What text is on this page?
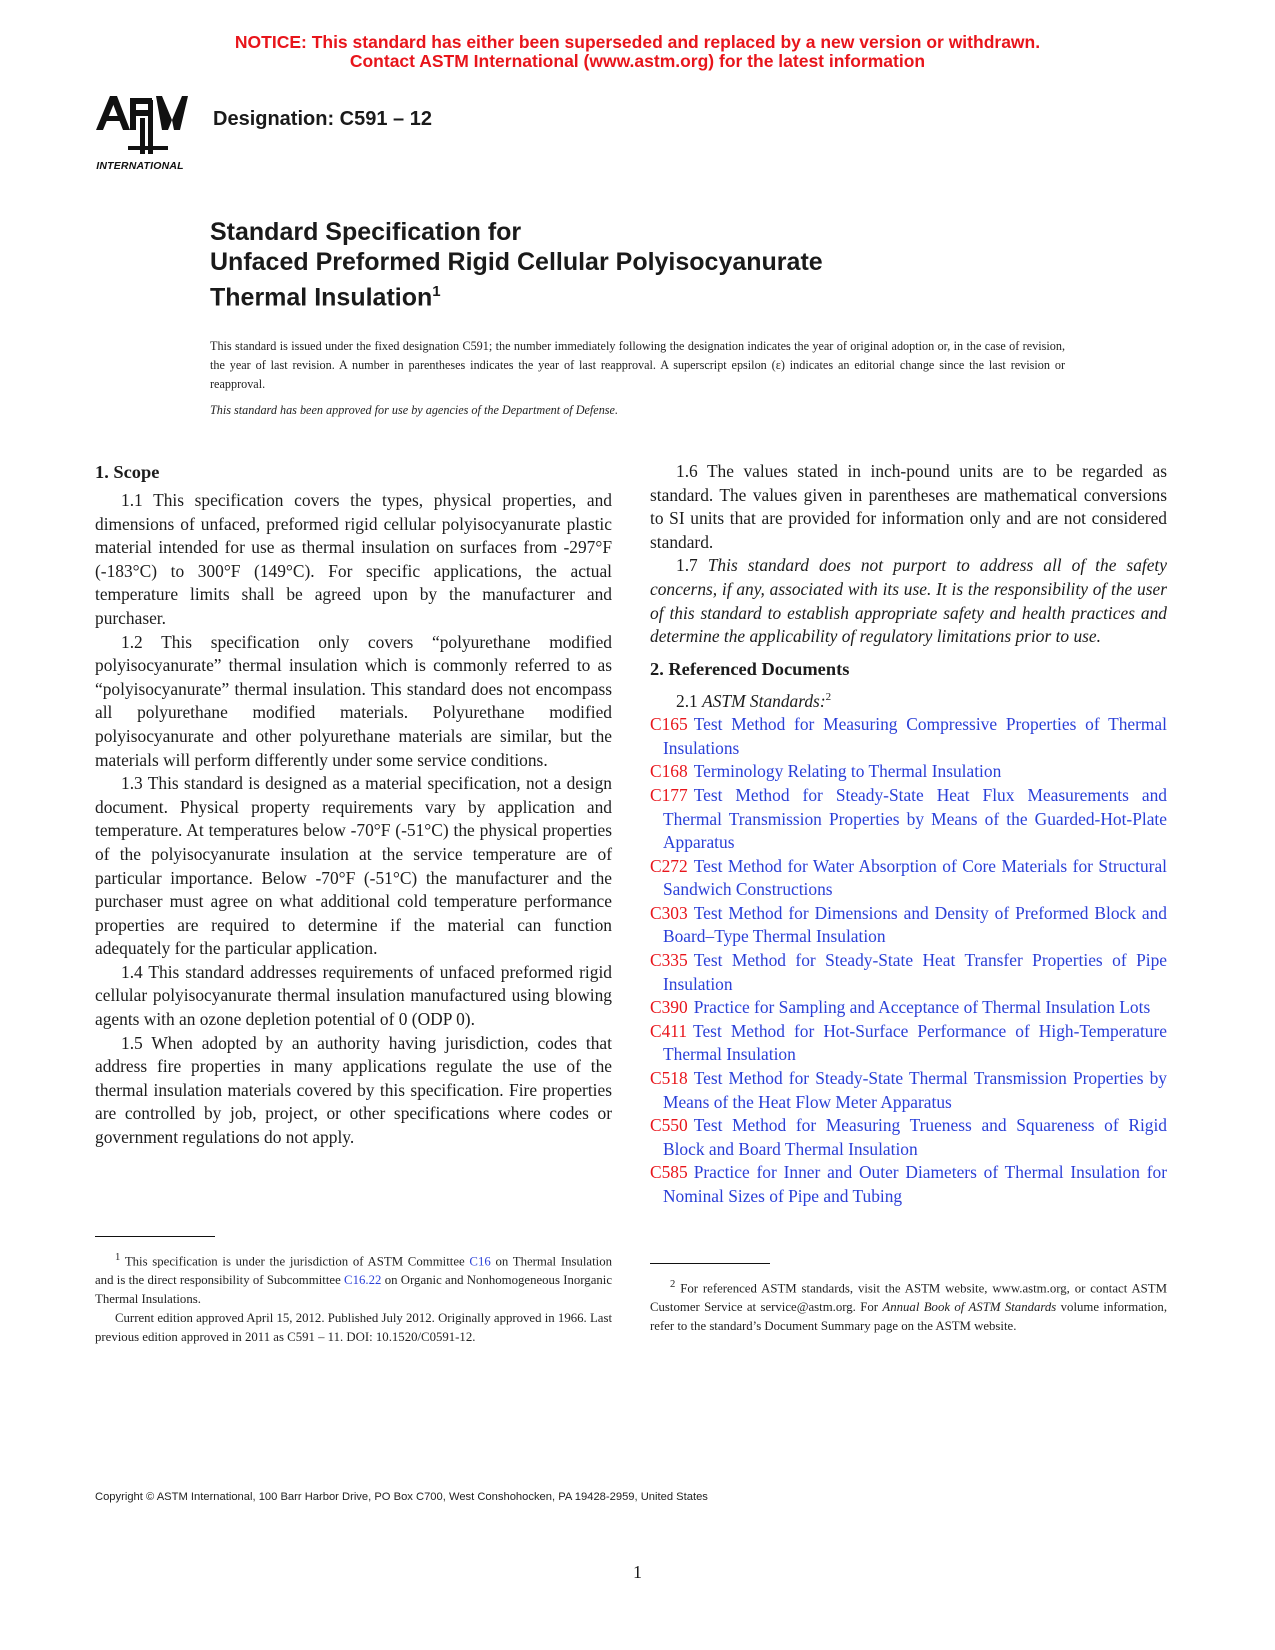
NOTICE: This standard has either been superseded and replaced by a new version or withdrawn.
Contact ASTM International (www.astm.org) for the latest information
INTERNATIONAL
Designation: C591 – 12
Standard Specification for
Unfaced Preformed Rigid Cellular Polyisocyanurate
Thermal Insulation$^1$
This standard is issued under the fixed designation C591; the number immediately following the designation indicates the year of original adoption or, in the case of revision, the year of last revision. A number in parentheses indicates the year of last reapproval. A superscript epsilon (ε) indicates an editorial change since the last revision or reapproval.
This standard has been approved for use by agencies of the Department of Defense.
1. Scope

1.1 This specification covers the types, physical properties, and dimensions of unfaced, preformed rigid cellular polyisocyanurate plastic material intended for use as thermal insulation on surfaces from -297°F (-183°C) to 300°F (149°C). For specific applications, the actual temperature limits shall be agreed upon by the manufacturer and purchaser.

1.2 This specification only covers “polyurethane modified polyisocyanurate” thermal insulation which is commonly referred to as “polyisocyanurate” thermal insulation. This standard does not encompass all polyurethane modified materials. Polyurethane modified polyisocyanurate and other polyurethane materials are similar, but the materials will perform differently under some service conditions.

1.3 This standard is designed as a material specification, not a design document. Physical property requirements vary by application and temperature. At temperatures below -70°F (-51°C) the physical properties of the polyisocyanurate insulation at the service temperature are of particular importance. Below -70°F (-51°C) the manufacturer and the purchaser must agree on what additional cold temperature performance properties are required to determine if the material can function adequately for the particular application.

1.4 This standard addresses requirements of unfaced preformed rigid cellular polyisocyanurate thermal insulation manufactured using blowing agents with an ozone depletion potential of 0 (ODP 0).

1.5 When adopted by an authority having jurisdiction, codes that address fire properties in many applications regulate the use of the thermal insulation materials covered by this specification. Fire properties are controlled by job, project, or other specifications where codes or government regulations do not apply.

1.6 The values stated in inch-pound units are to be regarded as standard. The values given in parentheses are mathematical conversions to SI units that are provided for information only and are not considered standard.

1.7 This standard does not purport to address all of the safety concerns, if any, associated with its use. It is the responsibility of the user of this standard to establish appropriate safety and health practices and determine the applicability of regulatory limitations prior to use.

2. Referenced Documents

2.1 ASTM Standards:$^2$

C165 Test Method for Measuring Compressive Properties of Thermal Insulations
C168 Terminology Relating to Thermal Insulation
C177 Test Method for Steady-State Heat Flux Measurements and Thermal Transmission Properties by Means of the Guarded-Hot-Plate Apparatus
C272 Test Method for Water Absorption of Core Materials for Structural Sandwich Constructions
C303 Test Method for Dimensions and Density of Preformed Block and Board–Type Thermal Insulation
C335 Test Method for Steady-State Heat Transfer Properties of Pipe Insulation
C390 Practice for Sampling and Acceptance of Thermal Insulation Lots
C411 Test Method for Hot-Surface Performance of High-Temperature Thermal Insulation
C518 Test Method for Steady-State Thermal Transmission Properties by Means of the Heat Flow Meter Apparatus
C550 Test Method for Measuring Trueness and Squareness of Rigid Block and Board Thermal Insulation
C585 Practice for Inner and Outer Diameters of Thermal Insulation for Nominal Sizes of Pipe and Tubing

$^1$ This specification is under the jurisdiction of ASTM Committee C16 on Thermal Insulation and is the direct responsibility of Subcommittee C16.22 on Organic and Nonhomogeneous Inorganic Thermal Insulations.

Current edition approved April 15, 2012. Published July 2012. Originally approved in 1966. Last previous edition approved in 2011 as C591 – 11. DOI: 10.1520/C0591-12.

$^2$ For referenced ASTM standards, visit the ASTM website, www.astm.org, or contact ASTM Customer Service at service@astm.org. For Annual Book of ASTM Standards volume information, refer to the standard’s Document Summary page on the ASTM website.

Copyright © ASTM International, 100 Barr Harbor Drive, PO Box C700, West Conshohocken, PA 19428-2959, United States
1
